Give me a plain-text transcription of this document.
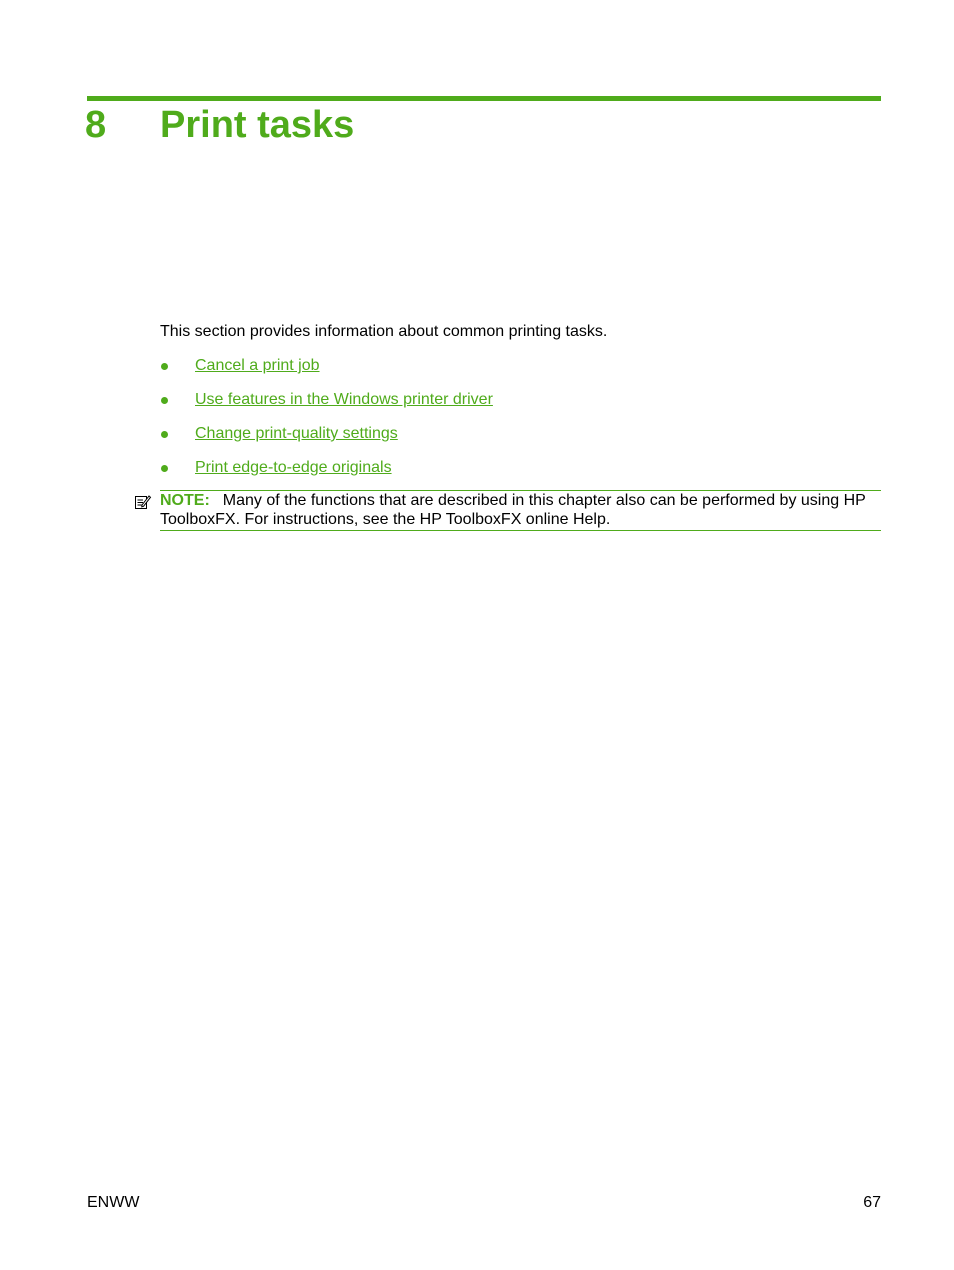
8 Print tasks

This section provides information about common printing tasks.

Cancel a print job
Use features in the Windows printer driver
Change print-quality settings
Print edge-to-edge originals
NOTE: Many of the functions that are described in this chapter also can be performed by using HP ToolboxFX. For instructions, see the HP ToolboxFX online Help.
ENWW	67
